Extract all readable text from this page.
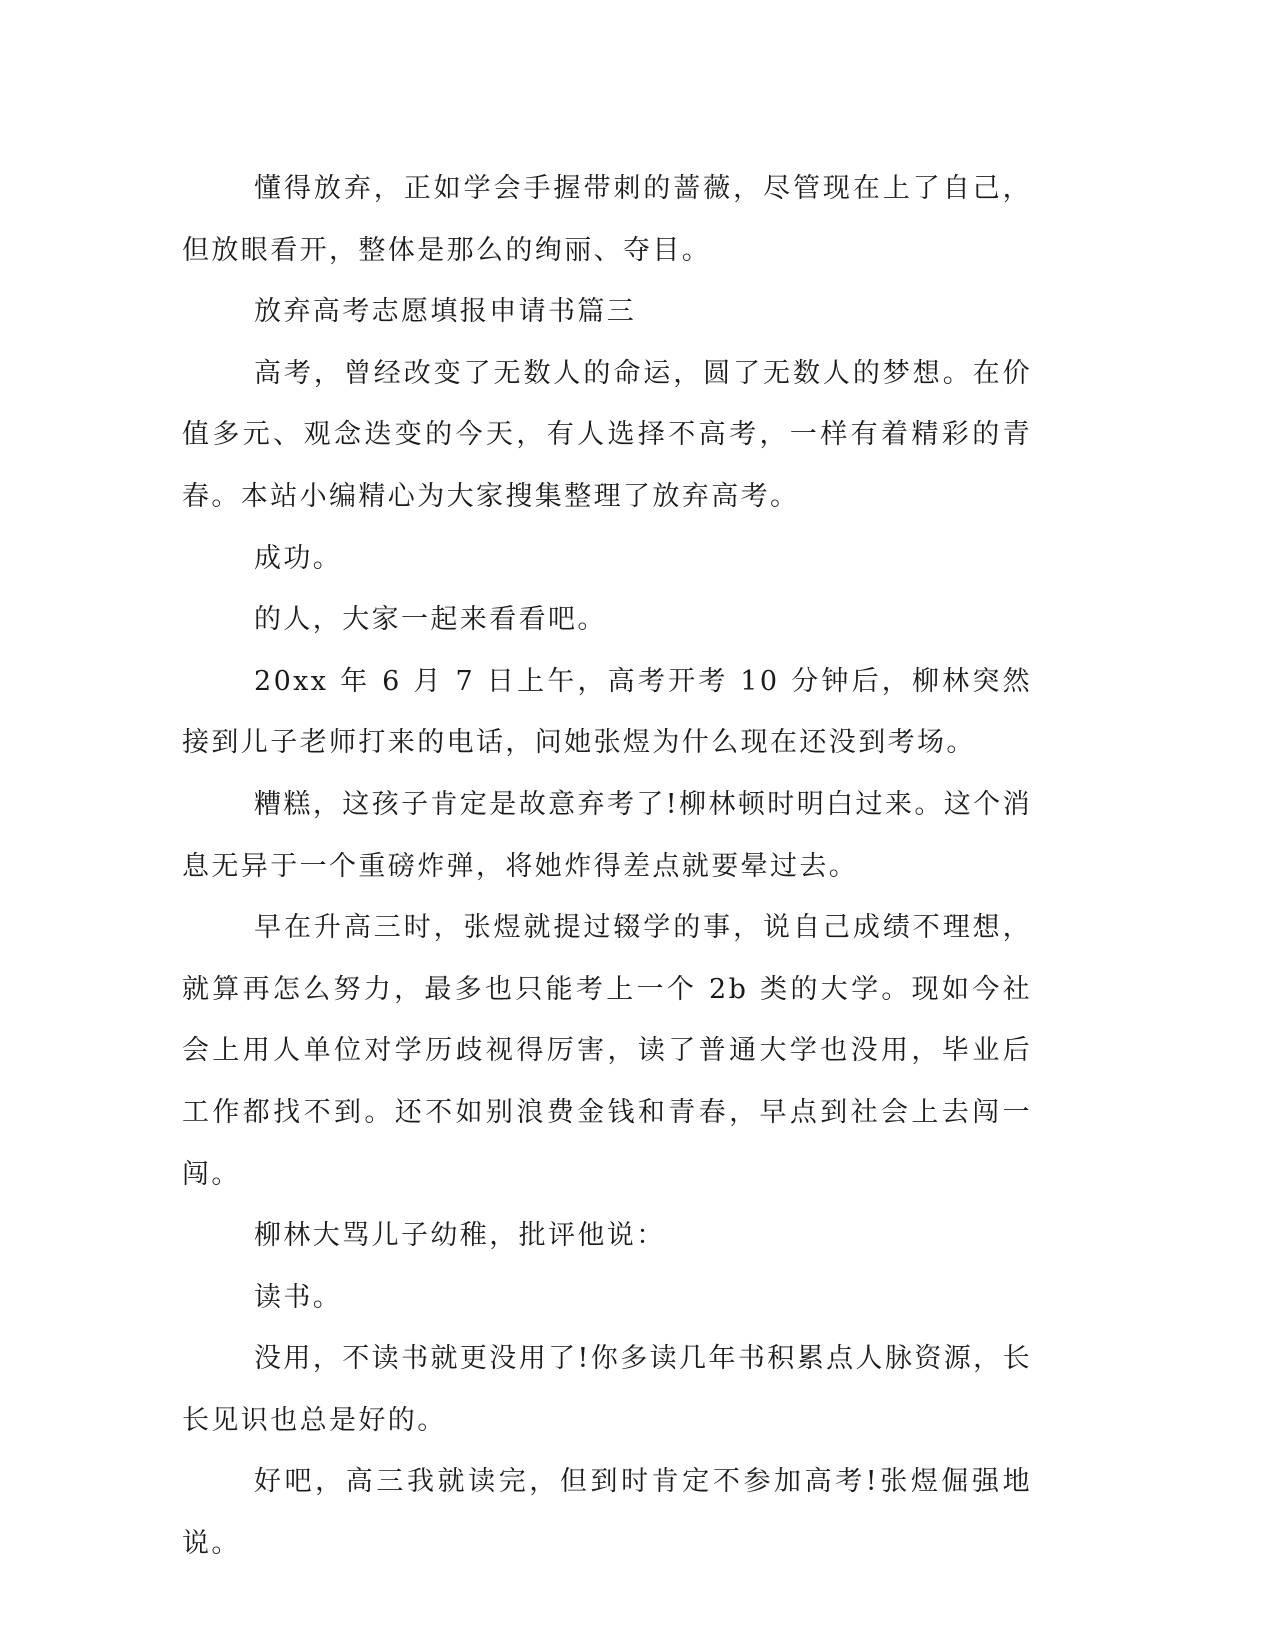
懂得放弃，正如学会手握带刺的蔷薇，尽管现在上了自己，但放眼看开，整体是那么的绚丽、夺目。

放弃高考志愿填报申请书篇三

高考，曾经改变了无数人的命运，圆了无数人的梦想。在价值多元、观念迭变的今天，有人选择不高考，一样有着精彩的青春。本站小编精心为大家搜集整理了放弃高考。

成功。

的人，大家一起来看看吧。

20xx 年 6 月 7 日上午，高考开考 10 分钟后，柳林突然接到儿子老师打来的电话，问她张煜为什么现在还没到考场。

糟糕，这孩子肯定是故意弃考了!柳林顿时明白过来。这个消息无异于一个重磅炸弹，将她炸得差点就要晕过去。

早在升高三时，张煜就提过辍学的事，说自己成绩不理想，就算再怎么努力，最多也只能考上一个 2b 类的大学。现如今社会上用人单位对学历歧视得厉害，读了普通大学也没用，毕业后工作都找不到。还不如别浪费金钱和青春，早点到社会上去闯一闯。

柳林大骂儿子幼稚，批评他说：

读书。

没用，不读书就更没用了!你多读几年书积累点人脉资源，长长见识也总是好的。

好吧，高三我就读完，但到时肯定不参加高考!张煜倔强地说。
